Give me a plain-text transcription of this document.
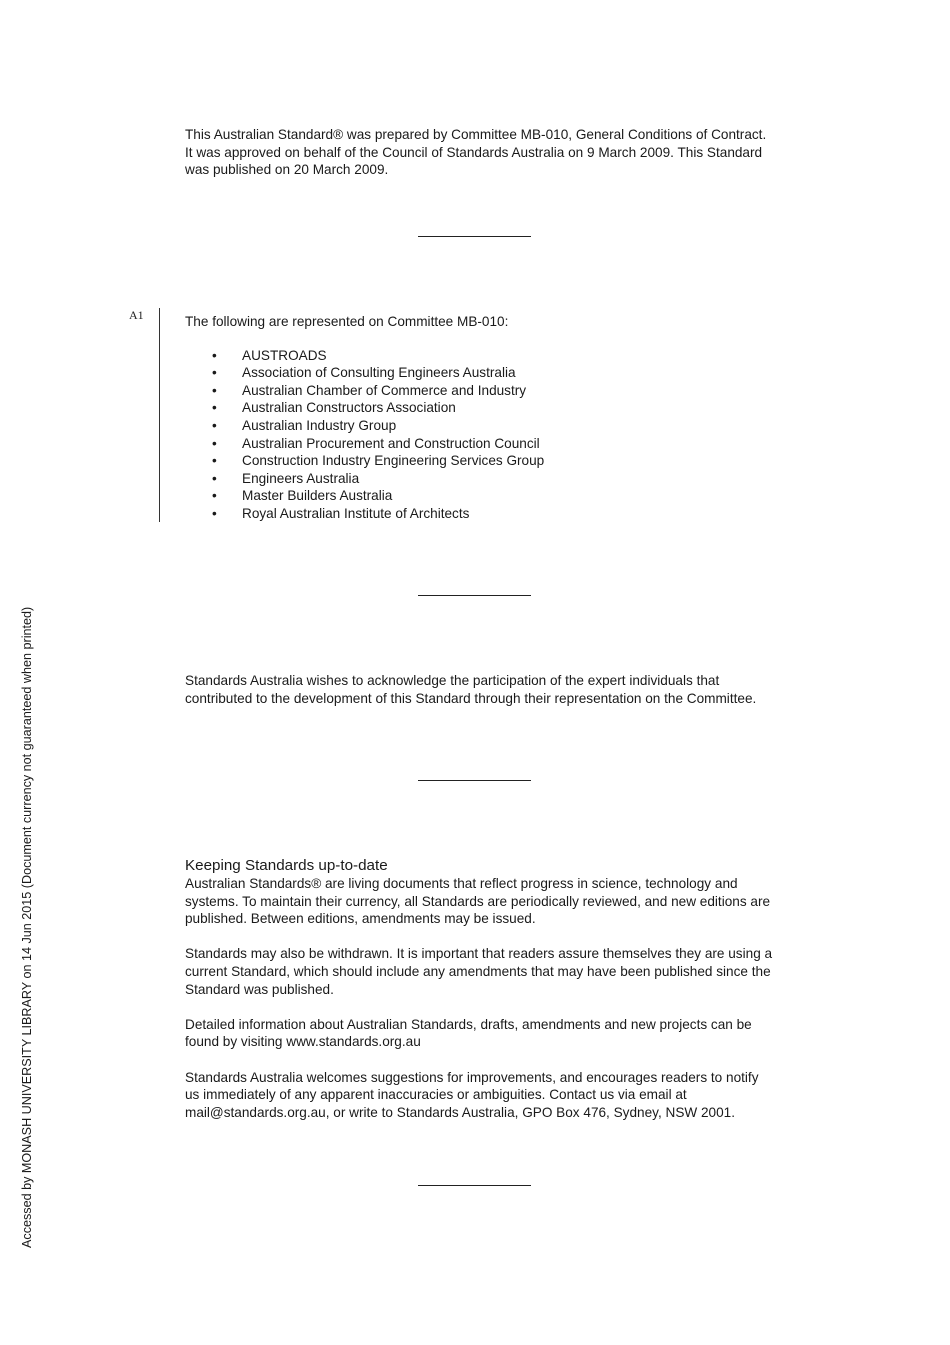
This Australian Standard® was prepared by Committee MB-010, General Conditions of Contract. It was approved on behalf of the Council of Standards Australia on 9 March 2009. This Standard was published on 20 March 2009.

A1	The following are represented on Committee MB-010:

• AUSTROADS
• Association of Consulting Engineers Australia
• Australian Chamber of Commerce and Industry
• Australian Constructors Association
• Australian Industry Group
• Australian Procurement and Construction Council
• Construction Industry Engineering Services Group
• Engineers Australia
• Master Builders Australia
• Royal Australian Institute of Architects

Standards Australia wishes to acknowledge the participation of the expert individuals that contributed to the development of this Standard through their representation on the Committee.

Keeping Standards up-to-date

Australian Standards® are living documents that reflect progress in science, technology and systems. To maintain their currency, all Standards are periodically reviewed, and new editions are published. Between editions, amendments may be issued.

Standards may also be withdrawn. It is important that readers assure themselves they are using a current Standard, which should include any amendments that may have been published since the Standard was published.

Detailed information about Australian Standards, drafts, amendments and new projects can be found by visiting www.standards.org.au

Standards Australia welcomes suggestions for improvements, and encourages readers to notify us immediately of any apparent inaccuracies or ambiguities. Contact us via email at mail@standards.org.au, or write to Standards Australia, GPO Box 476, Sydney, NSW 2001.

Accessed by MONASH UNIVERSITY LIBRARY on 14 Jun 2015 (Document currency not guaranteed when printed)
